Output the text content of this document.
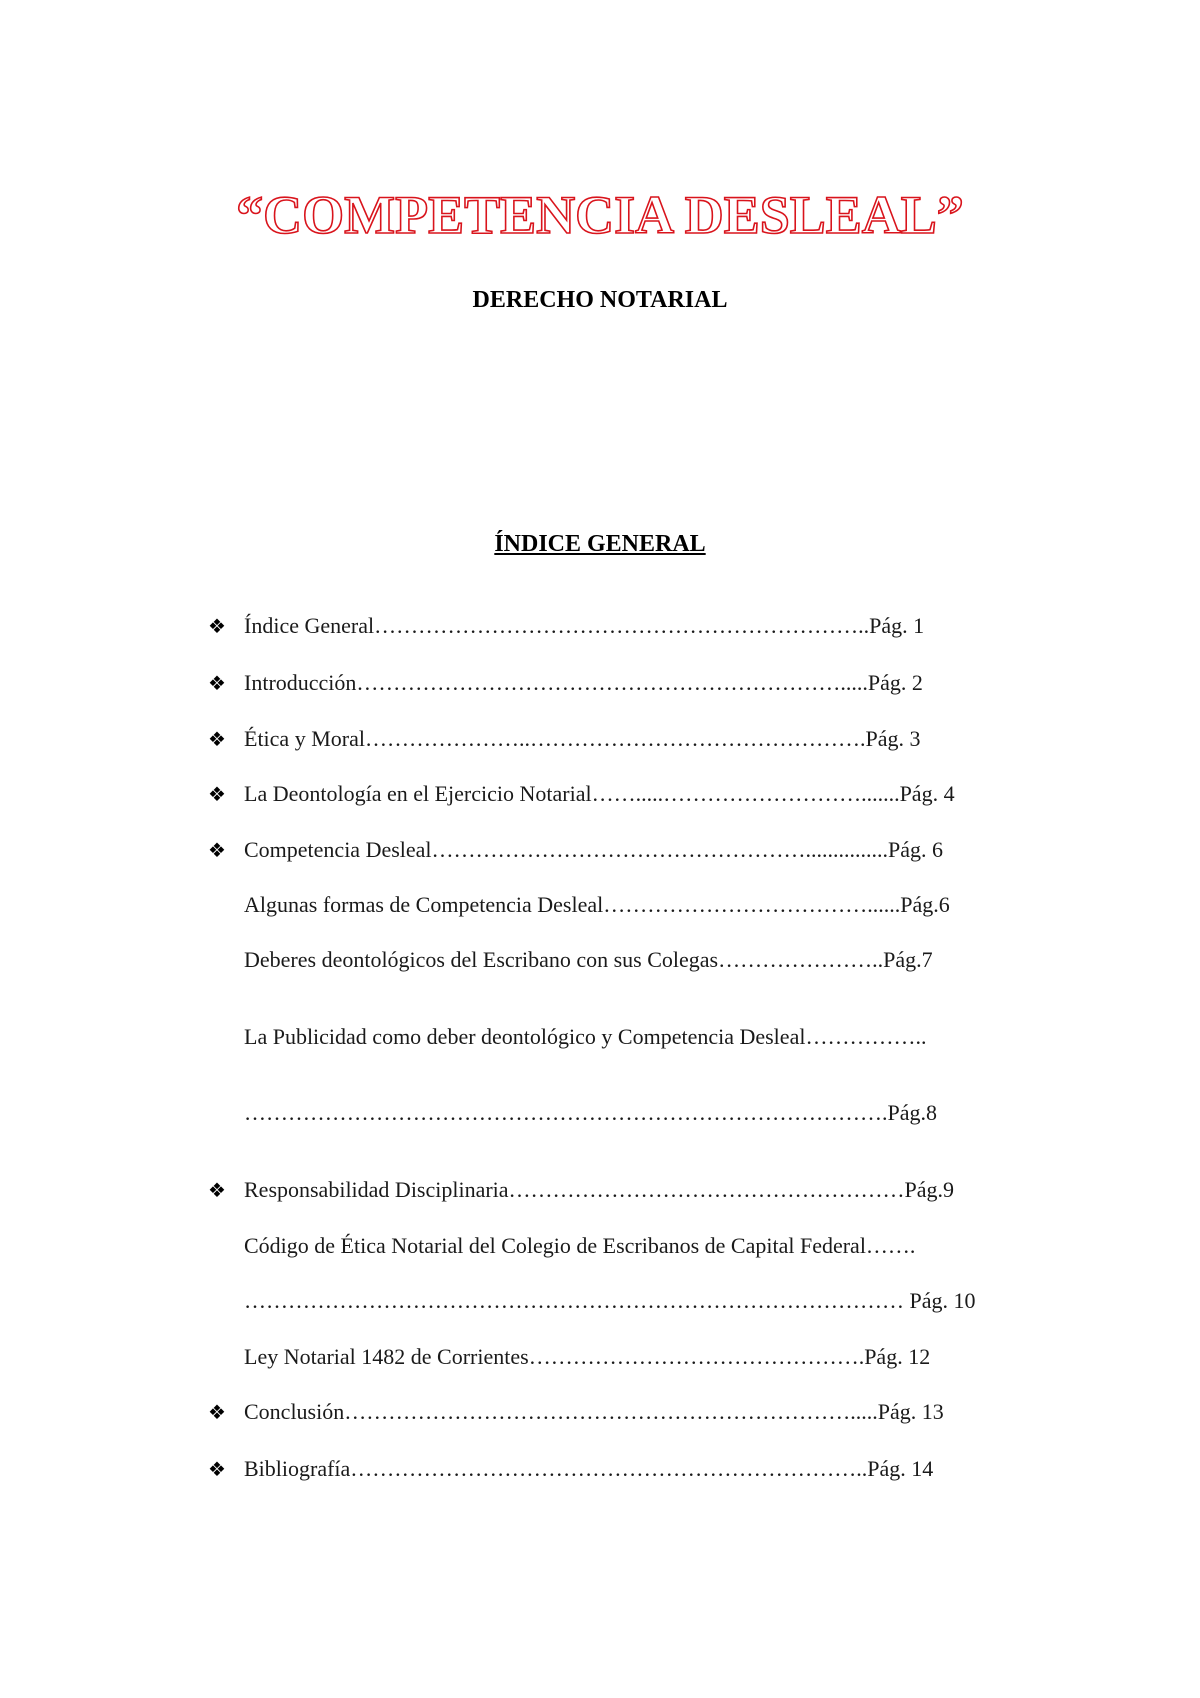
“COMPETENCIA DESLEAL”
DERECHO NOTARIAL
ÍNDICE GENERAL
❖ Índice General…………………………………………………………..Pág. 1
❖ Introducción………………………………………………………….....Pág. 2
❖ Ética y Moral…………………..……………………………………….Pág. 3
❖ La Deontología en el Ejercicio Notarial…….....……………………….......Pág. 4
❖ Competencia Desleal……………………………………………...............Pág. 6
Algunas formas de Competencia Desleal………………………………......Pág.6
Deberes deontológicos del Escribano con sus Colegas…………………..Pág.7
La Publicidad como deber deontológico y Competencia Desleal……………..
…………………………………………………………………………….Pág.8
❖ Responsabilidad Disciplinaria………………………………………………Pág.9
Código de Ética Notarial del Colegio de Escribanos de Capital Federal…….
……………………………………………………………………………… Pág. 10
Ley Notarial 1482 de Corrientes……………………………………….Pág. 12
❖ Conclusión…………………………………………………………….....Pág. 13
❖ Bibliografía……………………………………………………………..Pág. 14
